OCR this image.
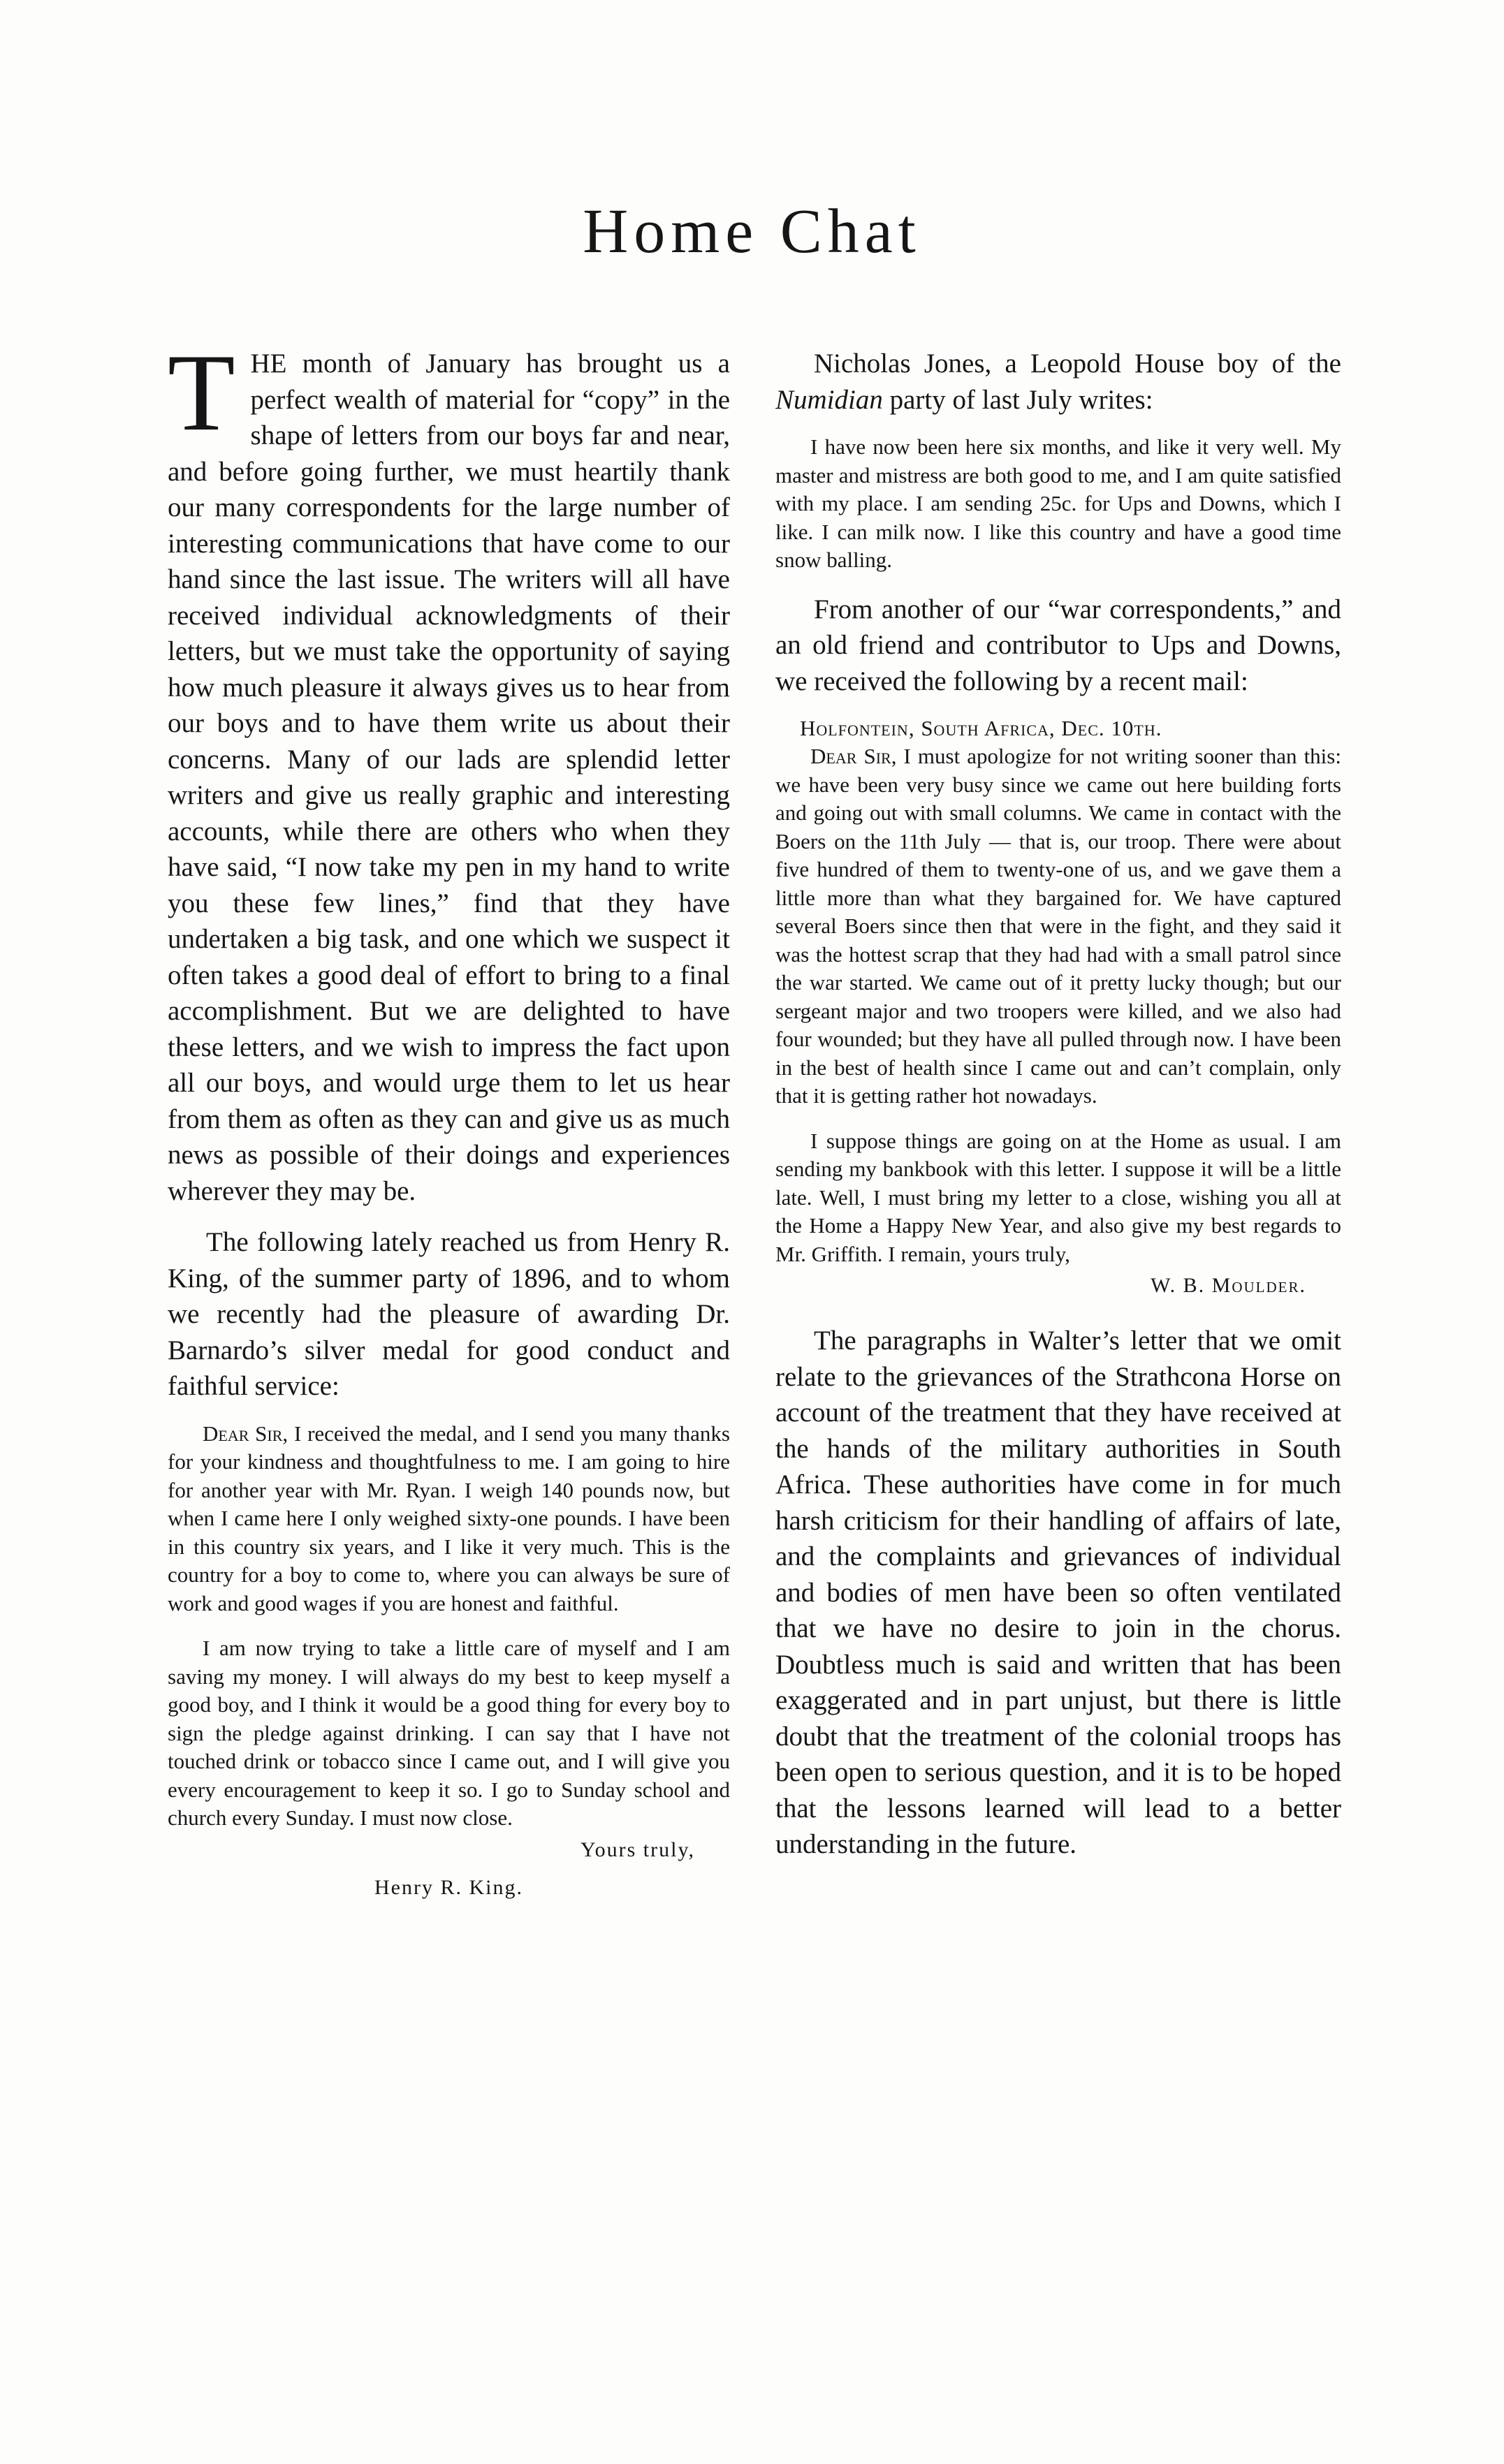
Home Chat

THE month of January has brought us a perfect wealth of material for “copy” in the shape of letters from our boys far and near, and before going further, we must heartily thank our many correspondents for the large number of interesting communications that have come to our hand since the last issue. The writers will all have received individual acknowledgments of their letters, but we must take the opportunity of saying how much pleasure it always gives us to hear from our boys and to have them write us about their concerns. Many of our lads are splendid letter writers and give us really graphic and interesting accounts, while there are others who when they have said, “I now take my pen in my hand to write you these few lines,” find that they have undertaken a big task, and one which we suspect it often takes a good deal of effort to bring to a final accomplishment. But we are delighted to have these letters, and we wish to impress the fact upon all our boys, and would urge them to let us hear from them as often as they can and give us as much news as possible of their doings and experiences wherever they may be.

The following lately reached us from Henry R. King, of the summer party of 1896, and to whom we recently had the pleasure of awarding Dr. Barnardo’s silver medal for good conduct and faithful service:

Dear Sir, I received the medal, and I send you many thanks for your kindness and thoughtfulness to me. I am going to hire for another year with Mr. Ryan. I weigh 140 pounds now, but when I came here I only weighed sixty-one pounds. I have been in this country six years, and I like it very much. This is the country for a boy to come to, where you can always be sure of work and good wages if you are honest and faithful.

I am now trying to take a little care of myself and I am saving my money. I will always do my best to keep myself a good boy, and I think it would be a good thing for every boy to sign the pledge against drinking. I can say that I have not touched drink or tobacco since I came out, and I will give you every encouragement to keep it so. I go to Sunday school and church every Sunday. I must now close.

Yours truly,

Henry R. King.

Nicholas Jones, a Leopold House boy of the Numidian party of last July writes:

I have now been here six months, and like it very well. My master and mistress are both good to me, and I am quite satisfied with my place. I am sending 25c. for Ups and Downs, which I like. I can milk now. I like this country and have a good time snow balling.

From another of our “war correspondents,” and an old friend and contributor to Ups and Downs, we received the following by a recent mail:

Holfontein, South Africa, Dec. 10th.

Dear Sir, I must apologize for not writing sooner than this: we have been very busy since we came out here building forts and going out with small columns. We came in contact with the Boers on the 11th July — that is, our troop. There were about five hundred of them to twenty-one of us, and we gave them a little more than what they bargained for. We have captured several Boers since then that were in the fight, and they said it was the hottest scrap that they had had with a small patrol since the war started. We came out of it pretty lucky though; but our sergeant major and two troopers were killed, and we also had four wounded; but they have all pulled through now. I have been in the best of health since I came out and can’t complain, only that it is getting rather hot nowadays.

I suppose things are going on at the Home as usual. I am sending my bankbook with this letter. I suppose it will be a little late. Well, I must bring my letter to a close, wishing you all at the Home a Happy New Year, and also give my best regards to Mr. Griffith. I remain, yours truly,

W. B. Moulder.

The paragraphs in Walter’s letter that we omit relate to the grievances of the Strathcona Horse on account of the treatment that they have received at the hands of the military authorities in South Africa. These authorities have come in for much harsh criticism for their handling of affairs of late, and the complaints and grievances of individual and bodies of men have been so often ventilated that we have no desire to join in the chorus. Doubtless much is said and written that has been exaggerated and in part unjust, but there is little doubt that the treatment of the colonial troops has been open to serious question, and it is to be hoped that the lessons learned will lead to a better understanding in the future.
